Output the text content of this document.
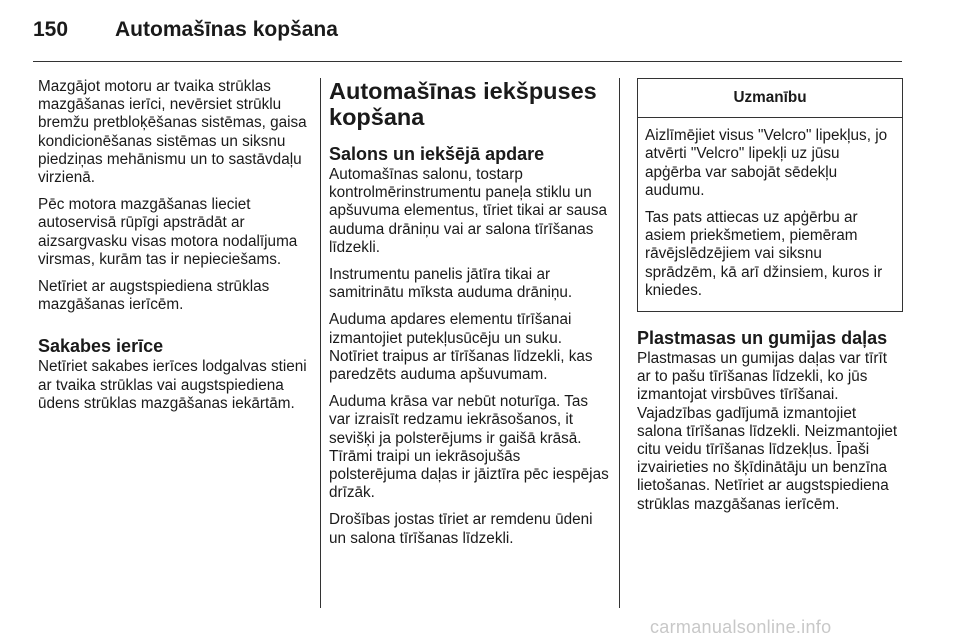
150	Automašīnas kopšana

Mazgājot motoru ar tvaika strūklas mazgāšanas ierīci, nevērsiet strūklu bremžu pretbloķēšanas sistēmas, gaisa kondicionēšanas sistēmas un siksnu piedziņas mehānismu un to sastāvdaļu virzienā.

Pēc motora mazgāšanas lieciet autoservisā rūpīgi apstrādāt ar aizsargvasku visas motora nodalījuma virsmas, kurām tas ir nepieciešams.

Netīriet ar augstspiediena strūklas mazgāšanas ierīcēm.

Sakabes ierīce

Netīriet sakabes ierīces lodgalvas stieni ar tvaika strūklas vai augstspiediena ūdens strūklas mazgāšanas iekārtām.

Automašīnas iekšpuses kopšana
Salons un iekšējā apdare

Automašīnas salonu, tostarp kontrolmērinstrumentu paneļa stiklu un apšuvuma elementus, tīriet tikai ar sausa auduma drāniņu vai ar salona tīrīšanas līdzekli.

Instrumentu panelis jātīra tikai ar samitrinātu mīksta auduma drāniņu.

Auduma apdares elementu tīrīšanai izmantojiet putekļusūcēju un suku. Notīriet traipus ar tīrīšanas līdzekli, kas paredzēts auduma apšuvumam.

Auduma krāsa var nebūt noturīga. Tas var izraisīt redzamu iekrāsošanos, it sevišķi ja polsterējums ir gaišā krāsā. Tīrāmi traipi un iekrāsojušās polsterējuma daļas ir jāiztīra pēc iespējas drīzāk.

Drošības jostas tīriet ar remdenu ūdeni un salona tīrīšanas līdzekli.

Uzmanību

Aizlīmējiet visus "Velcro" lipekļus, jo atvērti "Velcro" lipekļi uz jūsu apģērba var sabojāt sēdekļu audumu.

Tas pats attiecas uz apģērbu ar asiem priekšmetiem, piemēram rāvējslēdzējiem vai siksnu sprādzēm, kā arī džinsiem, kuros ir kniedes.

Plastmasas un gumijas daļas

Plastmasas un gumijas daļas var tīrīt ar to pašu tīrīšanas līdzekli, ko jūs izmantojat virsbūves tīrīšanai. Vajadzības gadījumā izmantojiet salona tīrīšanas līdzekli. Neizmantojiet citu veidu tīrīšanas līdzekļus. Īpaši izvairieties no šķīdinātāju un benzīna lietošanas. Netīriet ar augstspiediena strūklas mazgāšanas ierīcēm.

carmanualsonline.info
